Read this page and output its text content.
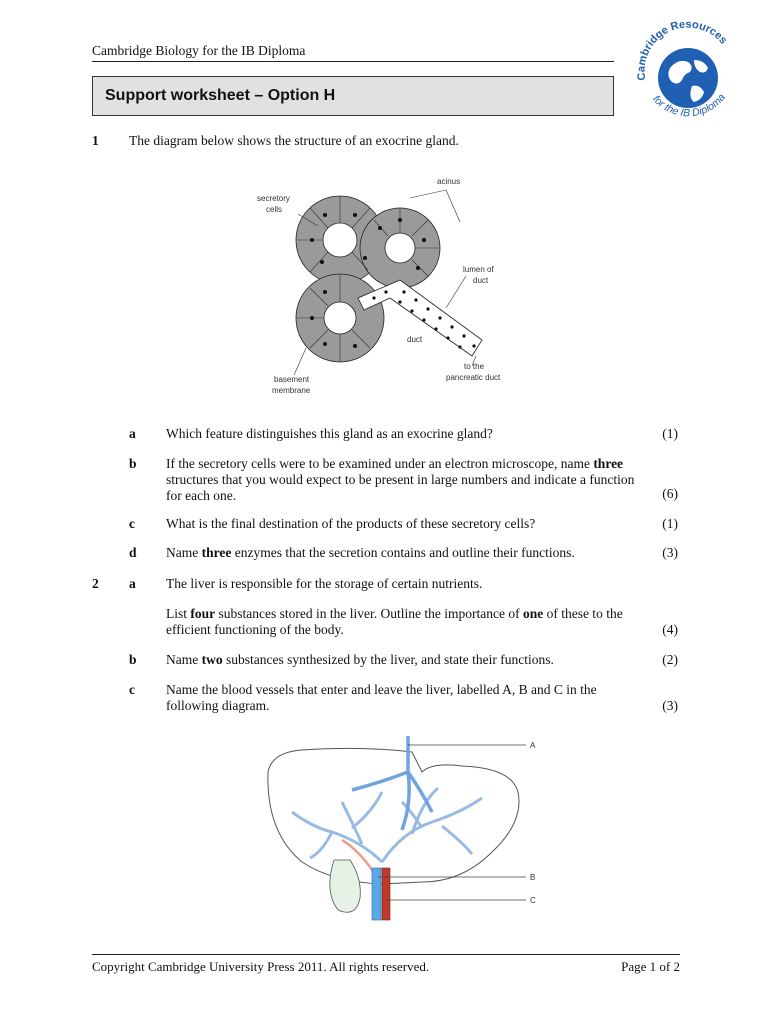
Cambridge Biology for the IB Diploma
Cambridge Resources
for the IB Diploma
Support worksheet – Option H
1 The diagram below shows the structure of an exocrine gland.
acinus
secretory
cells
lumen of
duct
duct
to the
pancreatic duct
basement
membrane
a Which feature distinguishes this gland as an exocrine gland?	(1)
b If the secretory cells were to be examined under an electron microscope, name three
structures that you would expect to be present in large numbers and indicate a function
for each one.	(6)
c What is the final destination of the products of these secretory cells?	(1)
d Name three enzymes that the secretion contains and outline their functions.	(3)
2 a The liver is responsible for the storage of certain nutrients.
List four substances stored in the liver. Outline the importance of one of these to the
efficient functioning of the body.	(4)
b Name two substances synthesized by the liver, and state their functions.	(2)
c Name the blood vessels that enter and leave the liver, labelled A, B and C in the
following diagram.	(3)
A
B
C
Copyright Cambridge University Press 2011. All rights reserved.	Page 1 of 2
